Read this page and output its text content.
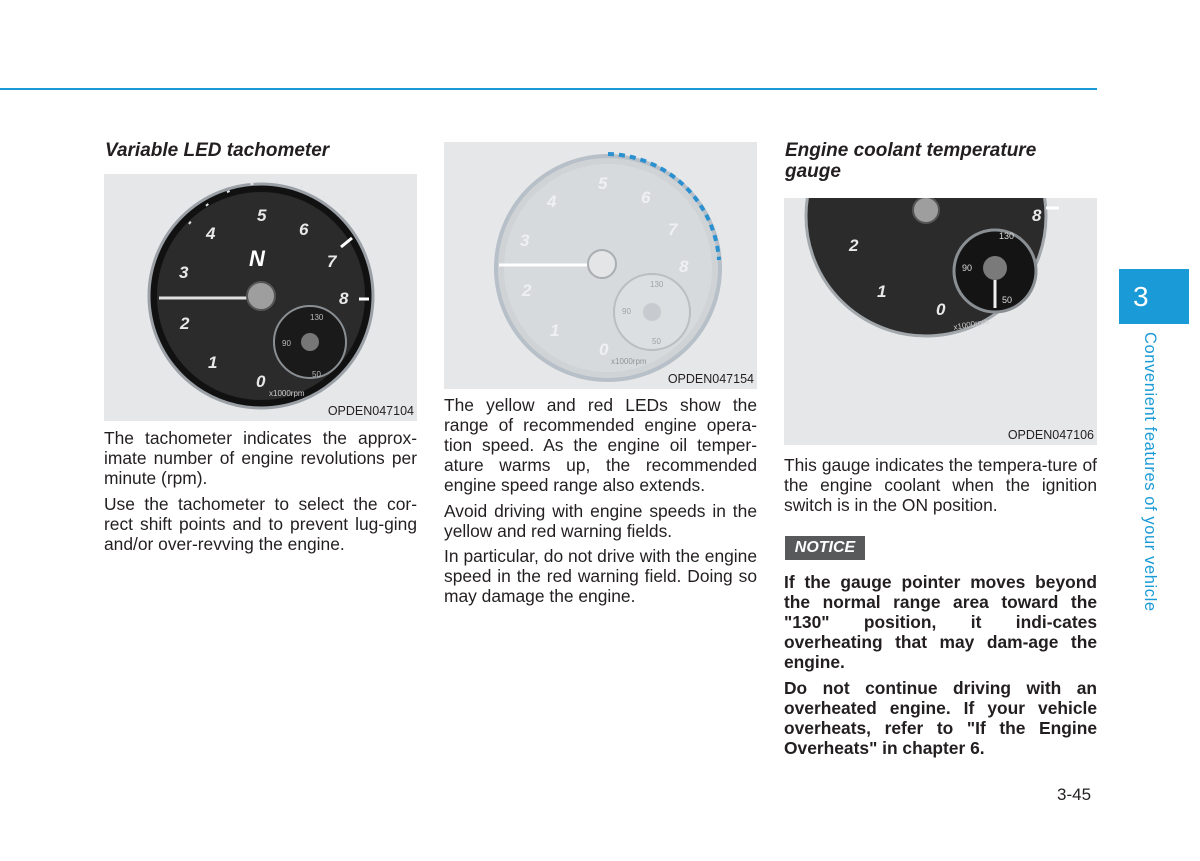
Variable LED tachometer
0
1
2
3
4
5
6
7
8
N
130
90
50
x1000rpm
OPDEN047104

The tachometer indicates the approx-imate number of engine revolutions per minute (rpm).

Use the tachometer to select the cor-rect shift points and to prevent lug-ging and/or over-revving the engine.

0
1
2
3
4
5
6
7
8
130
90
50
x1000rpm
OPDEN047154

The yellow and red LEDs show the range of recommended engine opera-tion speed. As the engine oil temper-ature warms up, the recommended engine speed range also extends.

Avoid driving with engine speeds in the yellow and red warning fields.

In particular, do not drive with the engine speed in the red warning field. Doing so may damage the engine.

Engine coolant temperature gauge
0
1
2
8
130
90
50
x1000rpm
OPDEN047106

This gauge indicates the tempera-ture of the engine coolant when the ignition switch is in the ON position.

NOTICE

If the gauge pointer moves beyond the normal range area toward the "130" position, it indi-cates overheating that may dam-age the engine.

Do not continue driving with an overheated engine. If your vehicle overheats, refer to "If the Engine Overheats" in chapter 6.

3
Convenient features of your vehicle
3-45
